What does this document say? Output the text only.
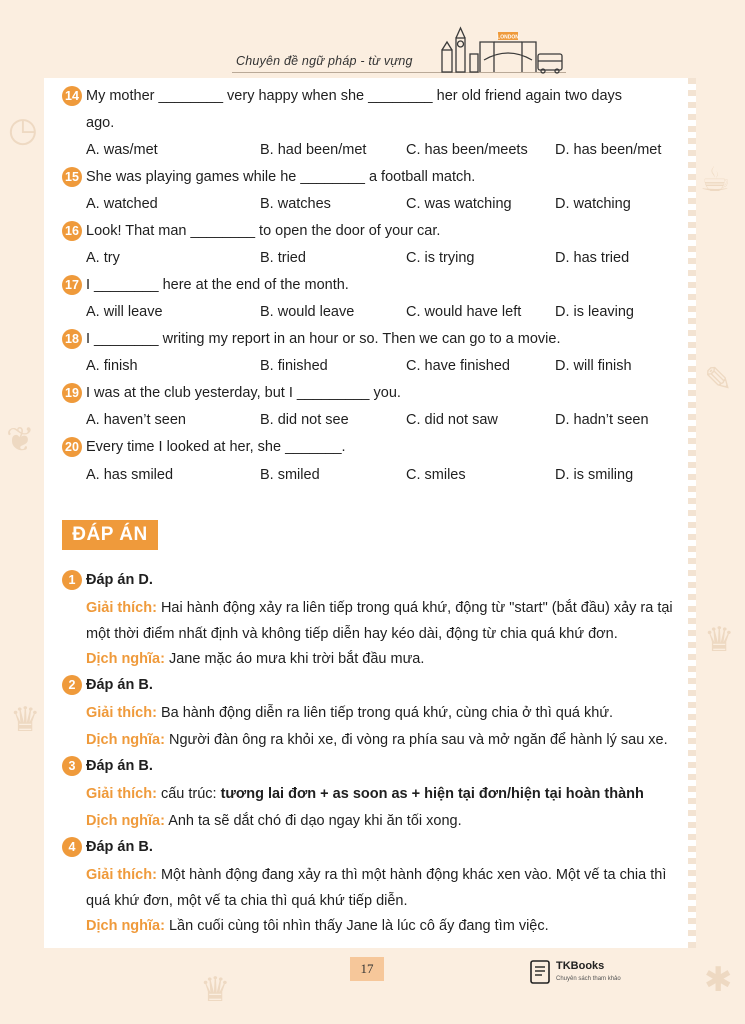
◷
❦
♛
☕
✎
♛
✱
♛
Chuyên đề ngữ pháp - từ vựng
LONDON
14 My mother ________ very happy when she ________ her old friend again two days
ago.
A. was/met	B. had been/met	C. has been/meets D. has been/met
15 She was playing games while he ________ a football match.
A. watched	B. watches	C. was watching	D. watching
16 Look! That man ________ to open the door of your car.
A. try	B. tried	C. is trying	D. has tried
17 I ________ here at the end of the month.
A. will leave	B. would leave	C. would have left D. is leaving
18 I ________ writing my report in an hour or so. Then we can go to a movie.
A. finish	B. finished	C. have finished	D. will finish
19 I was at the club yesterday, but I _________ you.
A. haven’t seen	B. did not see	C. did not saw	D. hadn’t seen
20 Every time I looked at her, she _______.
A. has smiled	B. smiled	C. smiles	D. is smiling
ĐÁP ÁN
1 Đáp án D.
Giải thích: Hai hành động xảy ra liên tiếp trong quá khứ, động từ "start" (bắt đầu) xảy ra tại một thời điểm nhất định và không tiếp diễn hay kéo dài, động từ chia quá khứ đơn.
Dịch nghĩa: Jane mặc áo mưa khi trời bắt đầu mưa.
2 Đáp án B.
Giải thích: Ba hành động diễn ra liên tiếp trong quá khứ, cùng chia ở thì quá khứ.
Dịch nghĩa: Người đàn ông ra khỏi xe, đi vòng ra phía sau và mở ngăn để hành lý sau xe.
3 Đáp án B.
Giải thích: cấu trúc: tương lai đơn + as soon as + hiện tại đơn/hiện tại hoàn thành
Dịch nghĩa: Anh ta sẽ dắt chó đi dạo ngay khi ăn tối xong.
4 Đáp án B.
Giải thích: Một hành động đang xảy ra thì một hành động khác xen vào. Một vế ta chia thì quá khứ đơn, một vế ta chia thì quá khứ tiếp diễn.
Dịch nghĩa: Lần cuối cùng tôi nhìn thấy Jane là lúc cô ấy đang tìm việc.
17	TKBooks
Chuyên sách tham khảo
